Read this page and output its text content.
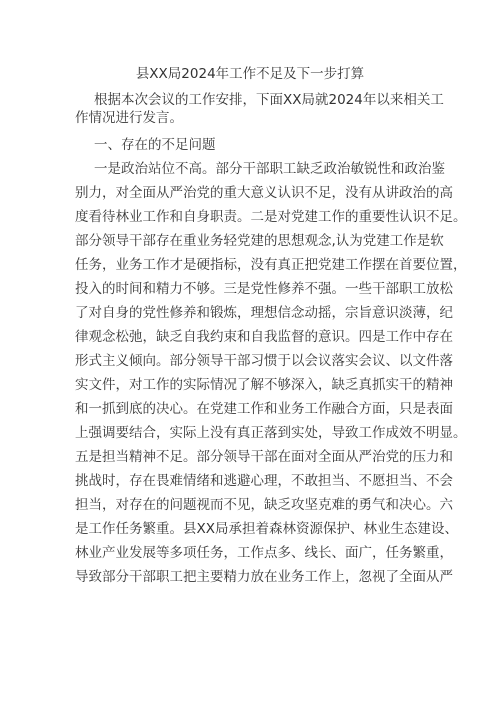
县XX局2024年工作不足及下一步打算
根据本次会议的工作安排，下面XX局就2024年以来相关工
作情况进行发言。
一、存在的不足问题
一是政治站位不高。部分干部职工缺乏政治敏锐性和政治鉴
别力，对全面从严治党的重大意义认识不足，没有从讲政治的高
度看待林业工作和自身职责。二是对党建工作的重要性认识不足。
部分领导干部存在重业务轻党建的思想观念,认为党建工作是软
任务，业务工作才是硬指标，没有真正把党建工作摆在首要位置，
投入的时间和精力不够。三是党性修养不强。一些干部职工放松
了对自身的党性修养和锻炼，理想信念动摇，宗旨意识淡薄，纪
律观念松弛，缺乏自我约束和自我监督的意识。四是工作中存在
形式主义倾向。部分领导干部习惯于以会议落实会议、以文件落
实文件，对工作的实际情况了解不够深入，缺乏真抓实干的精神
和一抓到底的决心。在党建工作和业务工作融合方面，只是表面
上强调要结合，实际上没有真正落到实处，导致工作成效不明显。
五是担当精神不足。部分领导干部在面对全面从严治党的压力和
挑战时，存在畏难情绪和逃避心理，不敢担当、不愿担当、不会
担当，对存在的问题视而不见，缺乏攻坚克难的勇气和决心。六
是工作任务繁重。县XX局承担着森林资源保护、林业生态建设、
林业产业发展等多项任务，工作点多、线长、面广，任务繁重，
导致部分干部职工把主要精力放在业务工作上，忽视了全面从严
